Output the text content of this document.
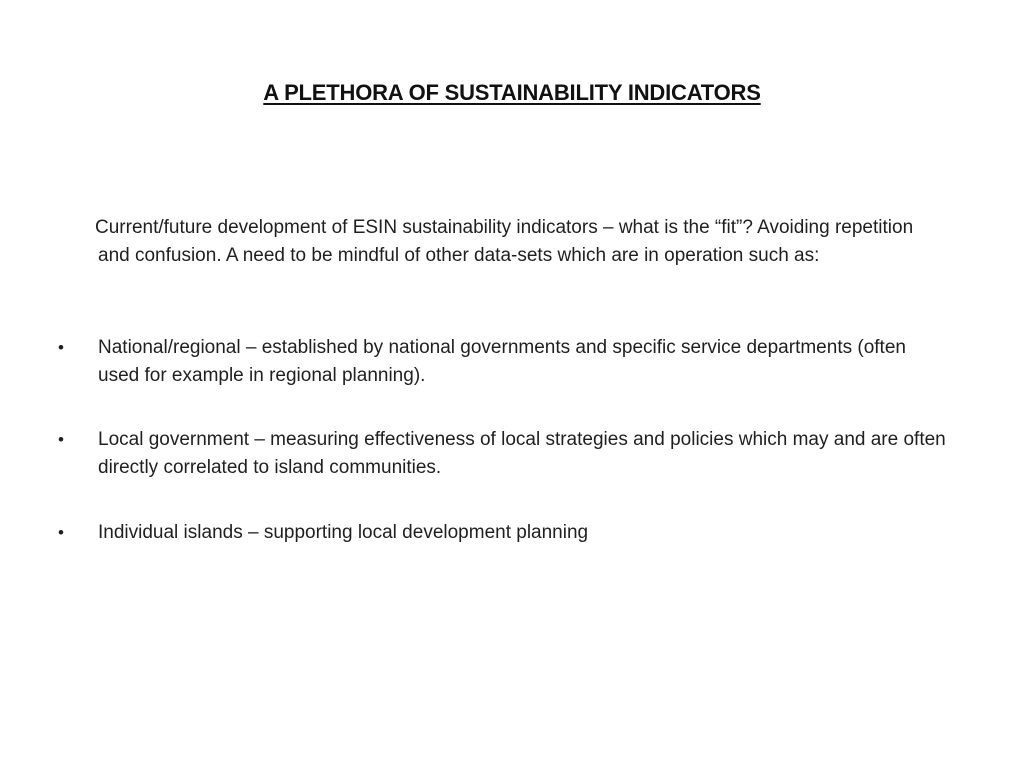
A PLETHORA OF SUSTAINABILITY INDICATORS
Current/future development of ESIN sustainability indicators – what is the “fit”? Avoiding repetition and confusion. A need to be mindful of other data-sets which are in operation such as:
• National/regional – established by national governments and specific service departments (often used for example in regional planning).
• Local government – measuring effectiveness of local strategies and policies which may and are often directly correlated to island communities.
• Individual islands – supporting local development planning
